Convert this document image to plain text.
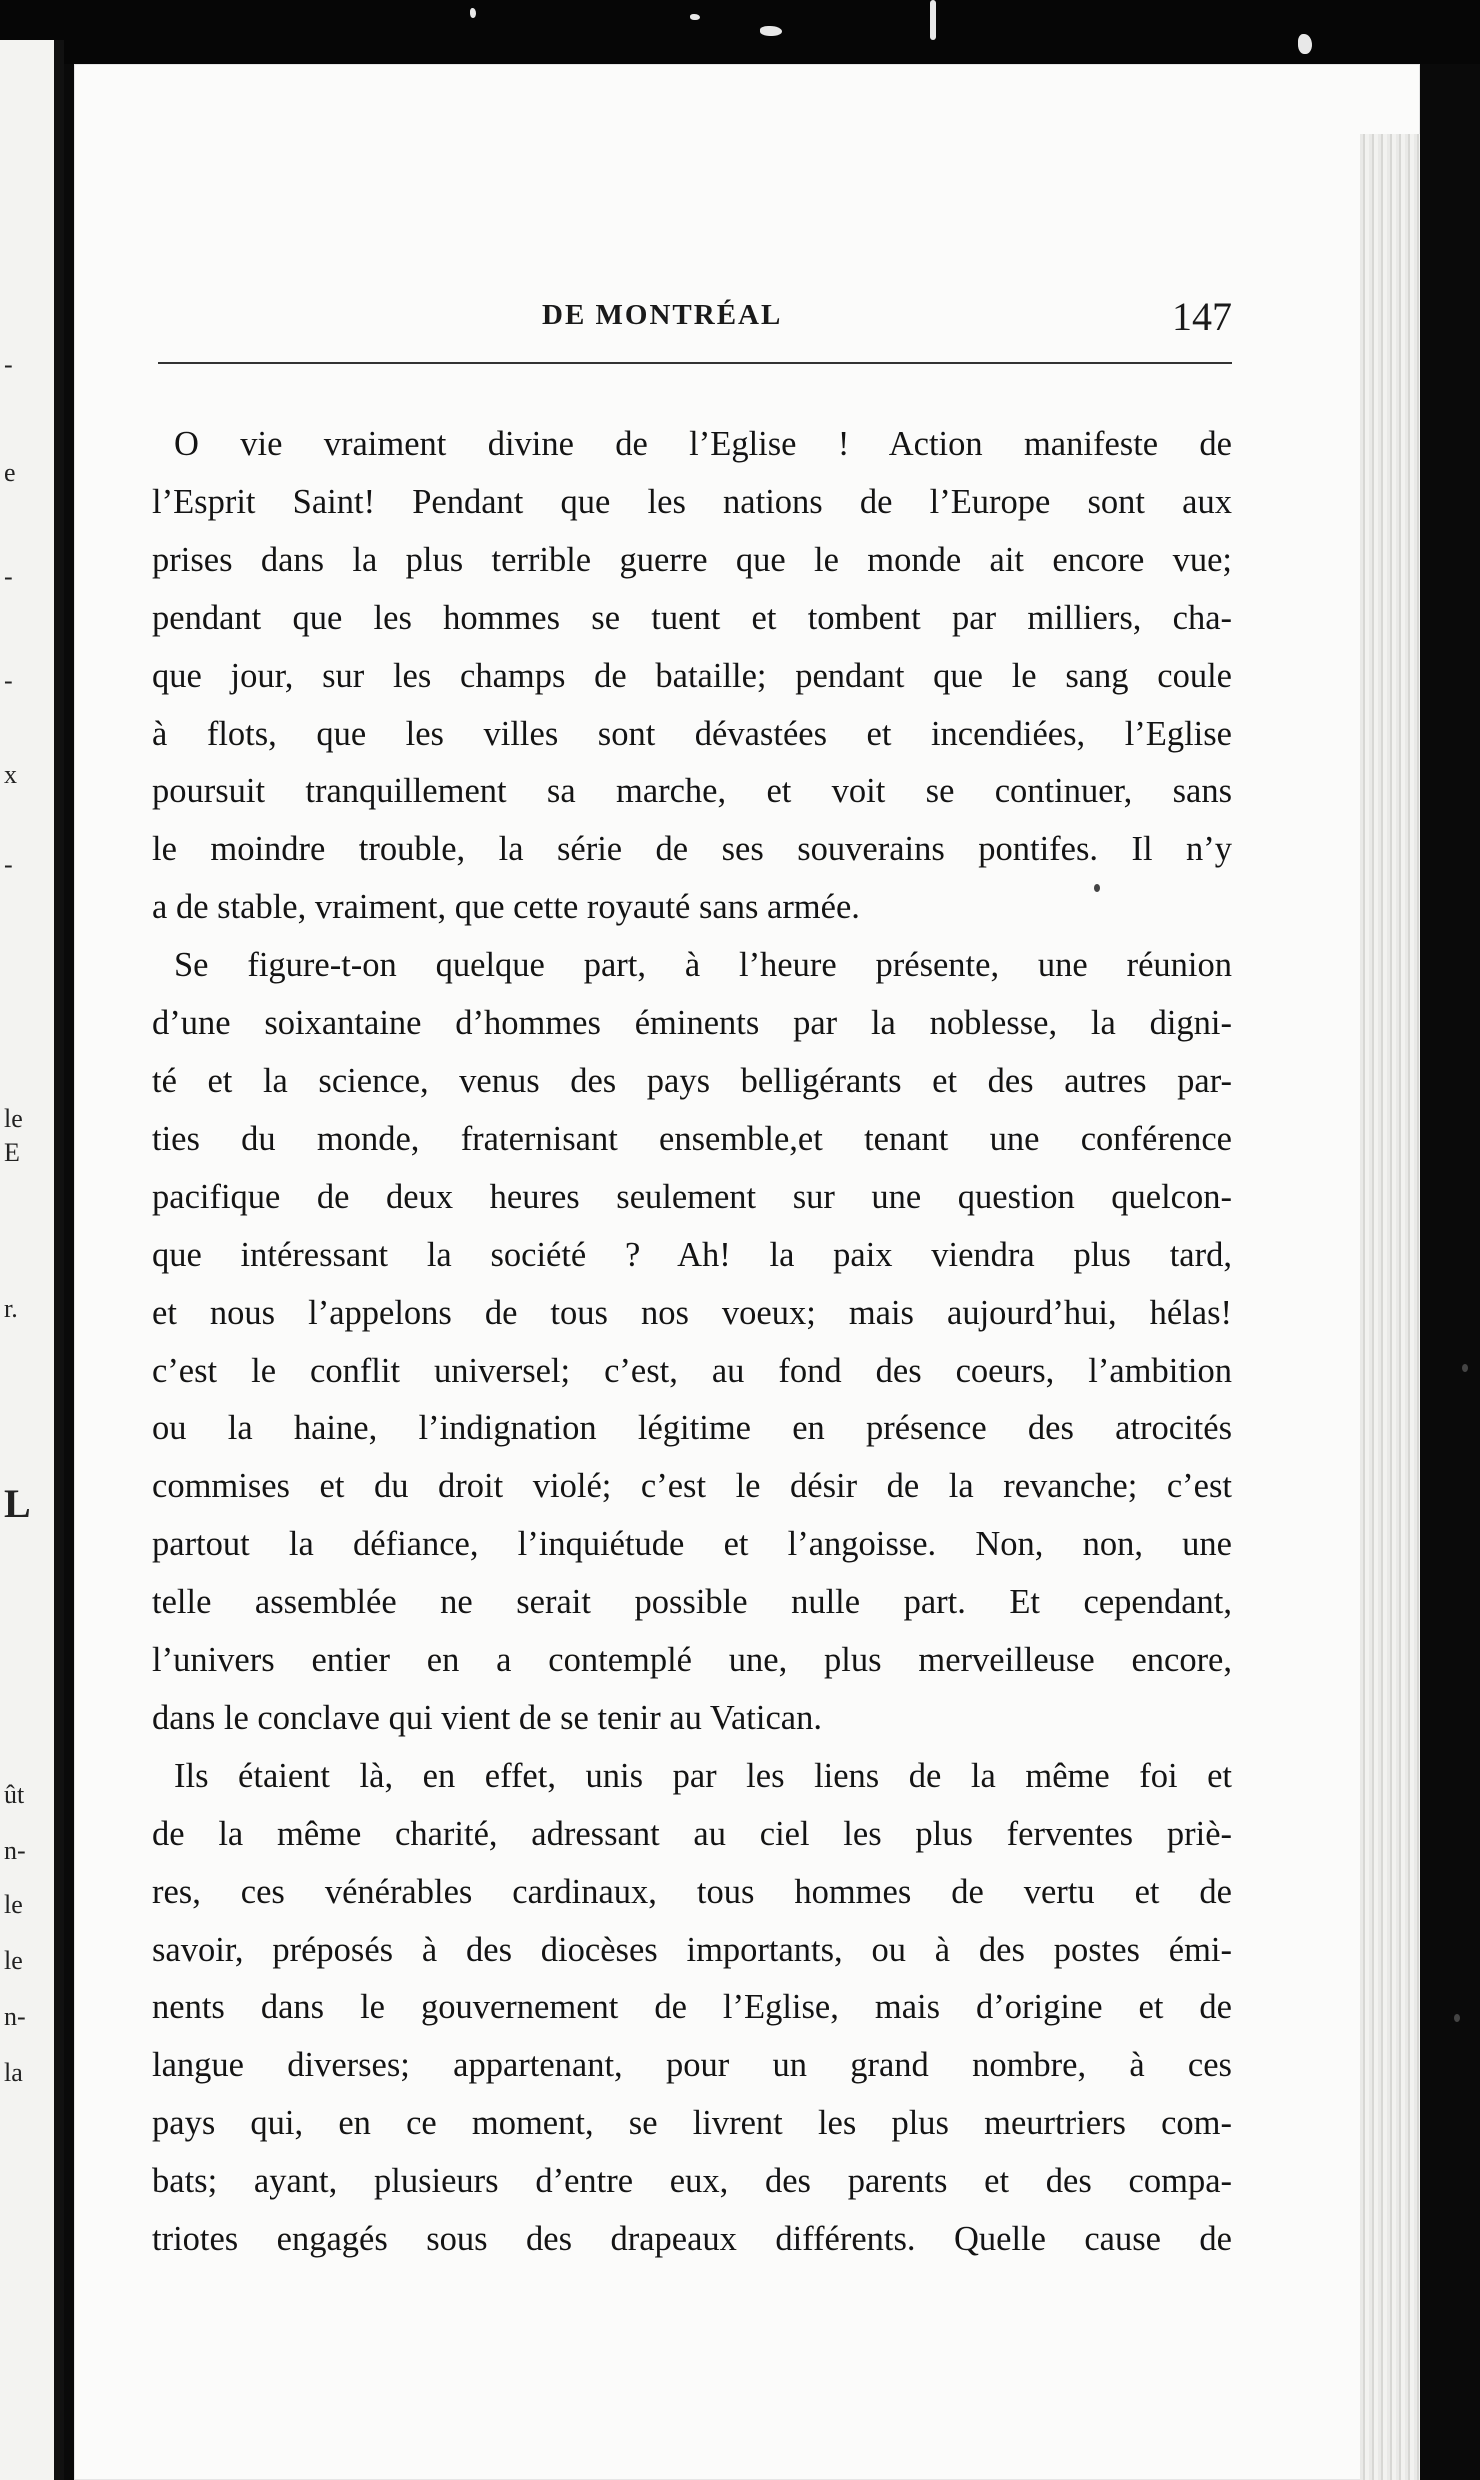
-
e
-
-
x
-
le
E
r.
L
ût
n-
le
le
n-
la
DE MONTRÉAL	147
O vie vraiment divine de l’Eglise ! Action manifeste de
l’Esprit Saint! Pendant que les nations de l’Europe sont aux
prises dans la plus terrible guerre que le monde ait encore vue;
pendant que les hommes se tuent et tombent par milliers, cha-
que jour, sur les champs de bataille; pendant que le sang coule
à flots, que les villes sont dévastées et incendiées, l’Eglise
poursuit tranquillement sa marche, et voit se continuer, sans
le moindre trouble, la série de ses souverains pontifes. Il n’y
a de stable, vraiment, que cette royauté sans armée.
Se figure-t-on quelque part, à l’heure présente, une réunion
d’une soixantaine d’hommes éminents par la noblesse, la digni-
té et la science, venus des pays belligérants et des autres par-
ties du monde, fraternisant ensemble,et tenant une conférence
pacifique de deux heures seulement sur une question quelcon-
que intéressant la société ? Ah! la paix viendra plus tard,
et nous l’appelons de tous nos voeux; mais aujourd’hui, hélas!
c’est le conflit universel; c’est, au fond des coeurs, l’ambition
ou la haine, l’indignation légitime en présence des atrocités
commises et du droit violé; c’est le désir de la revanche; c’est
partout la défiance, l’inquiétude et l’angoisse. Non, non, une
telle assemblée ne serait possible nulle part. Et cependant,
l’univers entier en a contemplé une, plus merveilleuse encore,
dans le conclave qui vient de se tenir au Vatican.
Ils étaient là, en effet, unis par les liens de la même foi et
de la même charité, adressant au ciel les plus ferventes priè-
res, ces vénérables cardinaux, tous hommes de vertu et de
savoir, préposés à des diocèses importants, ou à des postes émi-
nents dans le gouvernement de l’Eglise, mais d’origine et de
langue diverses; appartenant, pour un grand nombre, à ces
pays qui, en ce moment, se livrent les plus meurtriers com-
bats; ayant, plusieurs d’entre eux, des parents et des compa-
triotes engagés sous des drapeaux différents. Quelle cause de
